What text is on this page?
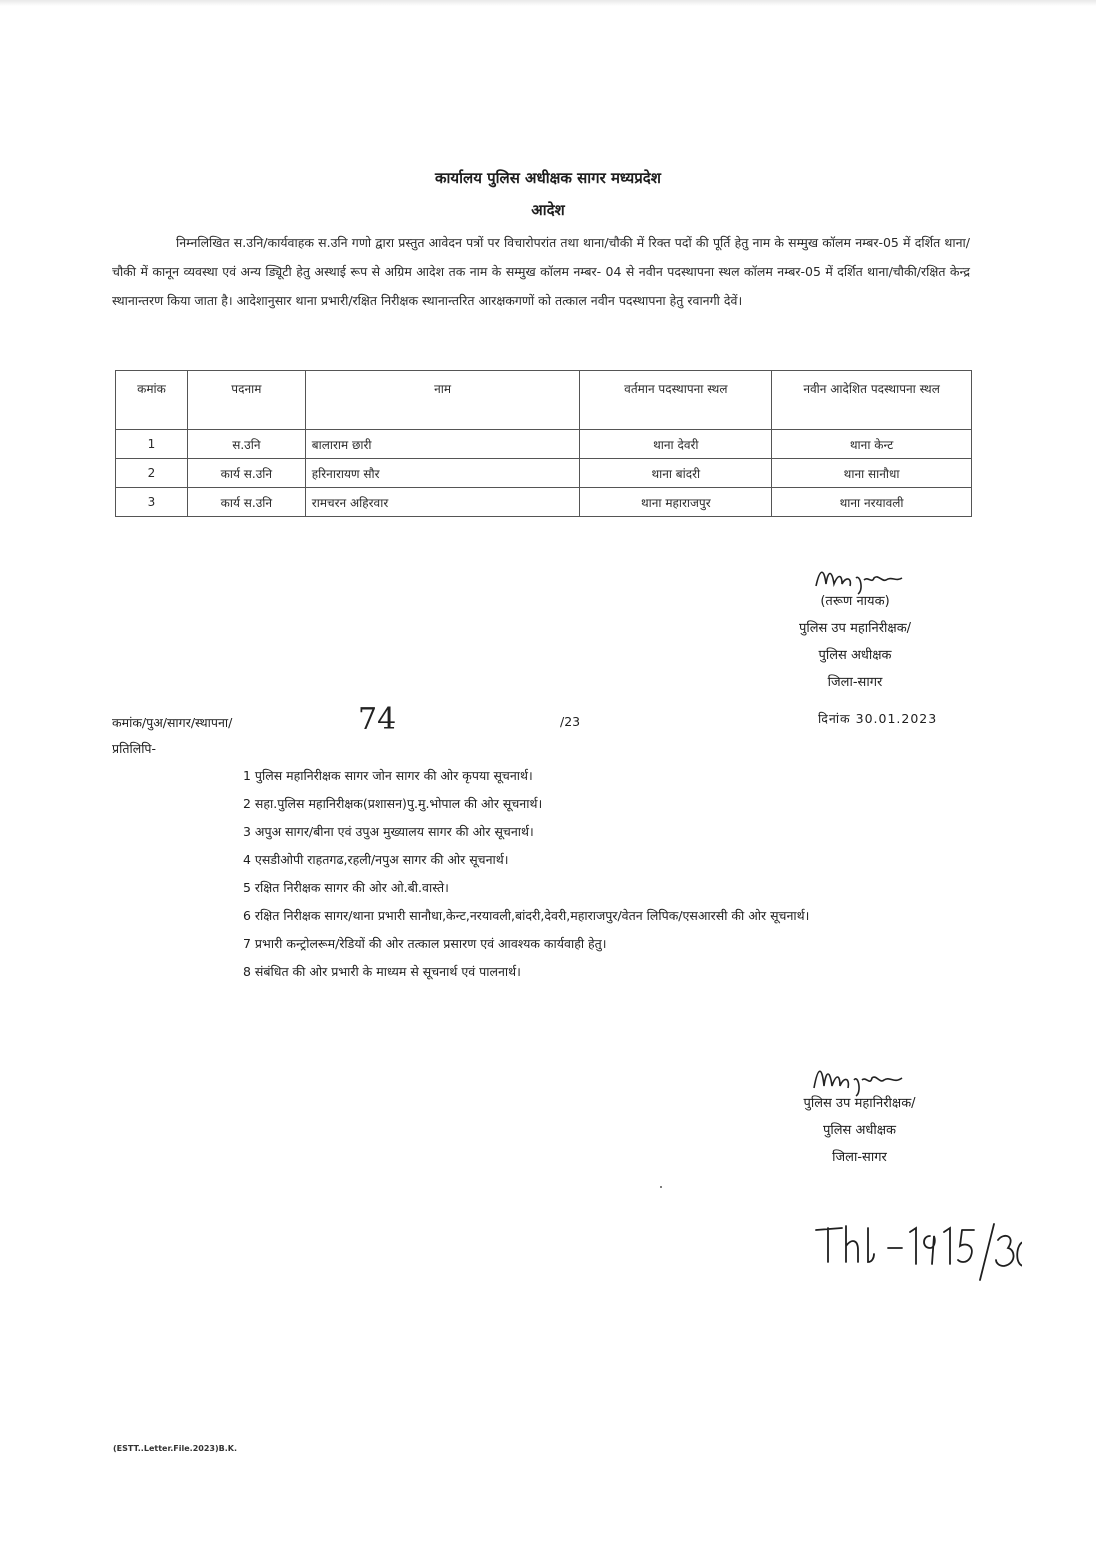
कार्यालय पुलिस अधीक्षक सागर मध्यप्रदेश
आदेश
निम्नलिखित स.उनि/कार्यवाहक स.उनि गणो द्वारा प्रस्तुत आवेदन पत्रों पर विचारोपरांत तथा थाना/चौकी में रिक्त पदों की पूर्ति हेतु नाम के सम्मुख कॉलम नम्बर-05 में दर्शित थाना/चौकी में कानून व्यवस्था एवं अन्य ड्यिूटी हेतु अस्थाई रूप से अग्रिम आदेश तक नाम के सम्मुख कॉलम नम्बर- 04 से नवीन पदस्थापना स्थल कॉलम नम्बर-05 में दर्शित थाना/चौकी/रक्षित केन्द्र स्थानान्तरण किया जाता है। आदेशानुसार थाना प्रभारी/रक्षित निरीक्षक स्थानान्तरित आरक्षकगणों को तत्काल नवीन पदस्थापना हेतु रवानगी देवें।
कमांक	पदनाम	नाम	वर्तमान पदस्थापना स्थल	नवीन आदेशित पदस्थापना स्थल
1	स.उनि	बालाराम छारी	थाना देवरी	थाना केन्ट
2	कार्य स.उनि	हरिनारायण सौर	थाना बांदरी	थाना सानौधा
3	कार्य स.उनि	रामचरन अहिरवार	थाना महाराजपुर	थाना नरयावली
(तरूण नायक)
पुलिस उप महानिरीक्षक/
पुलिस अधीक्षक
जिला-सागर
कमांक/पुअ/सागर/स्थापना/	74	/23	दिनांक 30.01.2023
प्रतिलिपि-
1 पुलिस महानिरीक्षक सागर जोन सागर की ओर कृपया सूचनार्थ।
2 सहा.पुलिस महानिरीक्षक(प्रशासन)पु.मु.भोपाल की ओर सूचनार्थ।
3 अपुअ सागर/बीना एवं उपुअ मुख्यालय सागर की ओर सूचनार्थ।
4 एसडीओपी राहतगढ,रहली/नपुअ सागर की ओर सूचनार्थ।
5 रक्षित निरीक्षक सागर की ओर ओ.बी.वास्ते।
6 रक्षित निरीक्षक सागर/थाना प्रभारी सानौधा,केन्ट,नरयावली,बांदरी,देवरी,महाराजपुर/वेतन लिपिक/एसआरसी की ओर सूचनार्थ।
7 प्रभारी कन्ट्रोलरूम/रेडियों की ओर तत्काल प्रसारण एवं आवश्यक कार्यवाही हेतु।
8 संबंधित की ओर प्रभारी के माध्यम से सूचनार्थ एवं पालनार्थ।
पुलिस उप महानिरीक्षक/
पुलिस अधीक्षक
जिला-सागर
(ESTT..Letter.File.2023)B.K.
